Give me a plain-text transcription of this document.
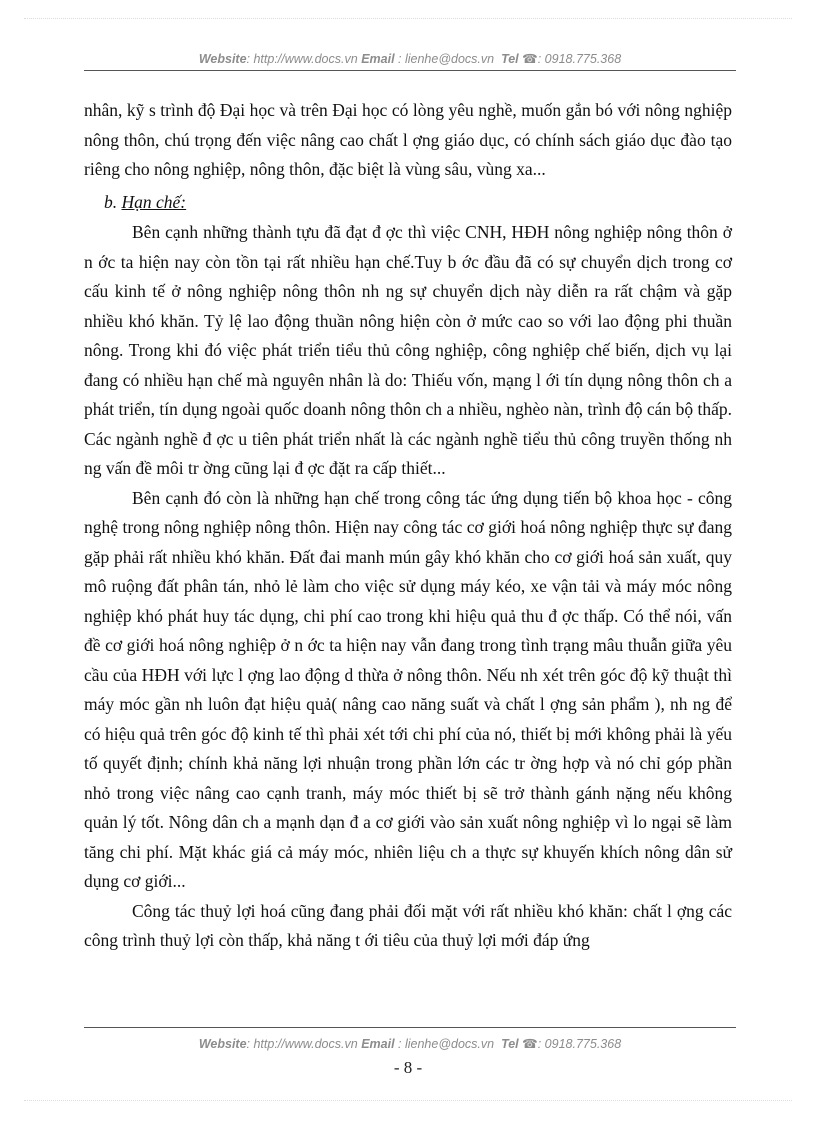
Website: http://www.docs.vn Email : lienhe@docs.vn Tel ☎: 0918.775.368

nhân, kỹ s trình độ Đại học và trên Đại học có lòng yêu nghề, muốn gắn bó với nông nghiệp nông thôn, chú trọng đến việc nâng cao chất l ợng giáo dục, có chính sách giáo dục đào tạo riêng cho nông nghiệp, nông thôn, đặc biệt là vùng sâu, vùng xa...

b. Hạn chế:

Bên cạnh những thành tựu đã đạt đ ợc thì việc CNH, HĐH nông nghiệp nông thôn ở n ớc ta hiện nay còn tồn tại rất nhiều hạn chế.Tuy b ớc đầu đã có sự chuyển dịch trong cơ cấu kinh tế ở nông nghiệp nông thôn nh ng sự chuyển dịch này diễn ra rất chậm và gặp nhiều khó khăn. Tỷ lệ lao động thuần nông hiện còn ở mức cao so với lao động phi thuần nông. Trong khi đó việc phát triển tiểu thủ công nghiệp, công nghiệp chế biến, dịch vụ lại đang có nhiều hạn chế mà nguyên nhân là do: Thiếu vốn, mạng l ới tín dụng nông thôn ch a phát triển, tín dụng ngoài quốc doanh nông thôn ch a nhiều, nghèo nàn, trình độ cán bộ thấp. Các ngành nghề đ ợc u tiên phát triển nhất là các ngành nghề tiểu thủ công truyền thống nh ng vấn đề môi tr ờng cũng lại đ ợc đặt ra cấp thiết...

Bên cạnh đó còn là những hạn chế trong công tác ứng dụng tiến bộ khoa học - công nghệ trong nông nghiệp nông thôn. Hiện nay công tác cơ giới hoá nông nghiệp thực sự đang gặp phải rất nhiều khó khăn. Đất đai manh mún gây khó khăn cho cơ giới hoá sản xuất, quy mô ruộng đất phân tán, nhỏ lẻ làm cho việc sử dụng máy kéo, xe vận tải và máy móc nông nghiệp khó phát huy tác dụng, chi phí cao trong khi hiệu quả thu đ ợc thấp. Có thể nói, vấn đề cơ giới hoá nông nghiệp ở n ớc ta hiện nay vẫn đang trong tình trạng mâu thuẫn giữa yêu cầu của HĐH với lực l ợng lao động d thừa ở nông thôn. Nếu nh xét trên góc độ kỹ thuật thì máy móc gần nh luôn đạt hiệu quả( nâng cao năng suất và chất l ợng sản phẩm ), nh ng để có hiệu quả trên góc độ kinh tế thì phải xét tới chi phí của nó, thiết bị mới không phải là yếu tố quyết định; chính khả năng lợi nhuận trong phần lớn các tr ờng hợp và nó chỉ góp phần nhỏ trong việc nâng cao cạnh tranh, máy móc thiết bị sẽ trở thành gánh nặng nếu không quản lý tốt. Nông dân ch a mạnh dạn đ a cơ giới vào sản xuất nông nghiệp vì lo ngại sẽ làm tăng chi phí. Mặt khác giá cả máy móc, nhiên liệu ch a thực sự khuyến khích nông dân sử dụng cơ giới...

Công tác thuỷ lợi hoá cũng đang phải đối mặt với rất nhiều khó khăn: chất l ợng các công trình thuỷ lợi còn thấp, khả năng t ới tiêu của thuỷ lợi mới đáp ứng

Website: http://www.docs.vn Email : lienhe@docs.vn Tel ☎: 0918.775.368
- 8 -
